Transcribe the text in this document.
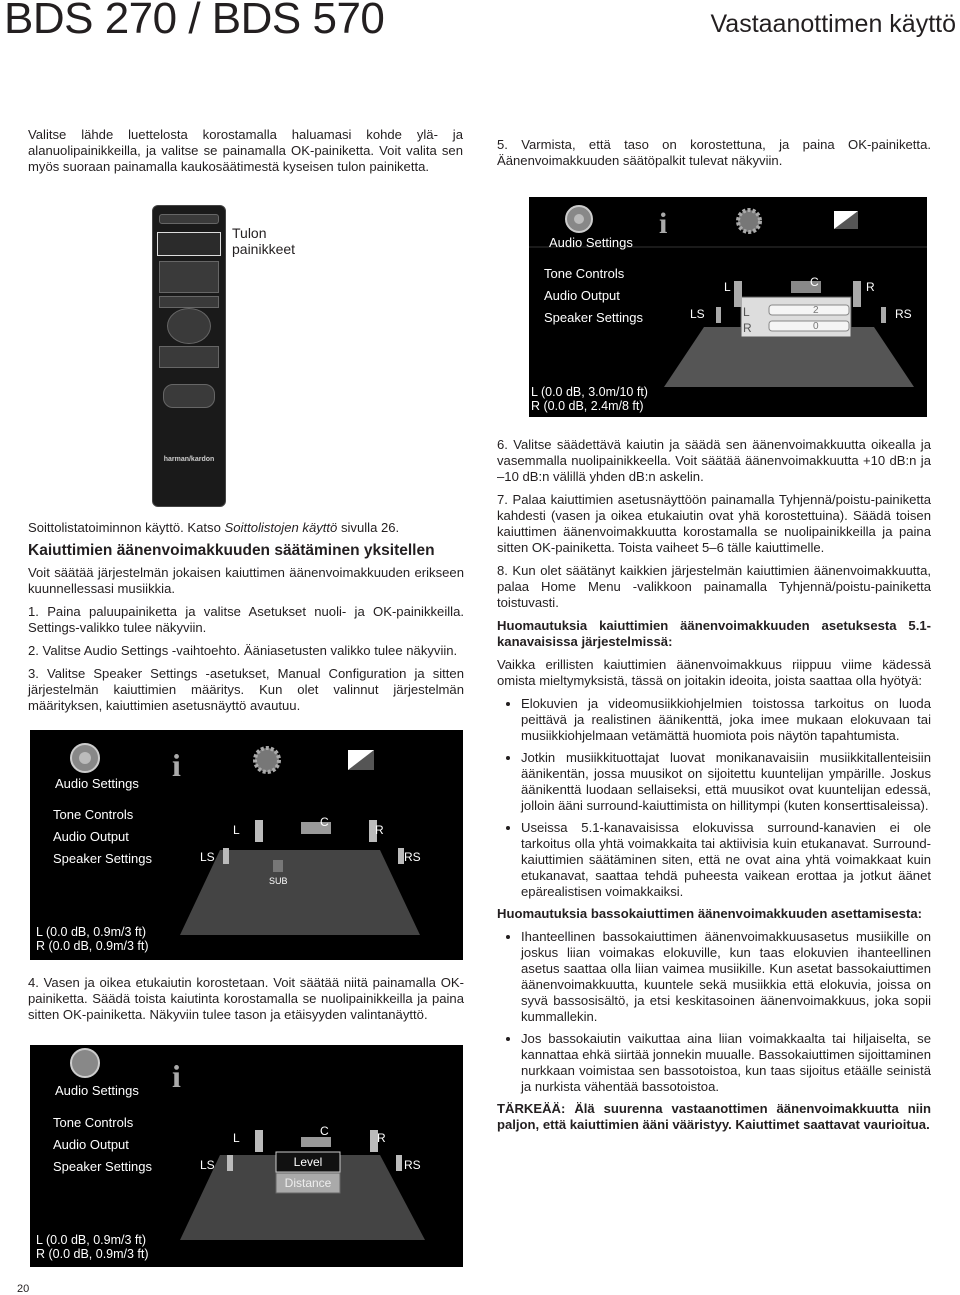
BDS 270 / BDS 570	Vastaanottimen käyttö

Valitse lähde luettelosta korostamalla haluamasi kohde ylä- ja alanuolipainikkeilla, ja valitse se painamalla OK-painiketta. Voit valita sen myös suoraan painamalla kaukosäätimestä kyseisen tulon painiketta.

5. Varmista, että taso on korostettuna, ja paina OK-painiketta. Äänenvoimakkuuden säätöpalkit tulevat näkyviin.

harman/kardon
Tulon
painikkeet
i
Audio Settings
Tone Controls
Audio Output
Speaker Settings
L	C	R
LS	RS
L
R
2
0
L (0.0 dB, 3.0m/10 ft)
R (0.0 dB, 2.4m/8 ft)

Soittolistatoiminnon käyttö. Katso Soittolistojen käyttö sivulla 26.

Kaiuttimien äänenvoimakkuuden säätäminen yksitellen

Voit säätää järjestelmän jokaisen kaiuttimen äänenvoimakkuuden erikseen kuunnellessasi musiikkia.

1. Paina paluupainiketta ja valitse Asetukset nuoli- ja OK-painikkeilla. Settings-valikko tulee näkyviin.

2. Valitse Audio Settings -vaihtoehto. Ääniasetusten valikko tulee näkyviin.

3. Valitse Speaker Settings -asetukset, Manual Configuration ja sitten järjestelmän kaiuttimien määritys. Kun olet valinnut järjestelmän määrityksen, kaiuttimien asetusnäyttö avautuu.

i
Audio Settings
Tone Controls
Audio Output
Speaker Settings
L
C
R
LS	RS
SUB
L (0.0 dB, 0.9m/3 ft)
R (0.0 dB, 0.9m/3 ft)

4. Vasen ja oikea etukaiutin korostetaan. Voit säätää niitä painamalla OK-painiketta. Säädä toista kaiutinta korostamalla se nuolipainikkeilla ja paina sitten OK-painiketta. Näkyviin tulee tason ja etäisyyden valintanäyttö.

i
Audio Settings
Tone Controls
Audio Output
Speaker Settings
L	C	R
LS	RS
Level
Distance
L (0.0 dB, 0.9m/3 ft)
R (0.0 dB, 0.9m/3 ft)

6. Valitse säädettävä kaiutin ja säädä sen äänenvoimakkuutta oikealla ja vasemmalla nuolipainikkeella. Voit säätää äänenvoimakkuutta +10 dB:n ja –10 dB:n välillä yhden dB:n askelin.

7. Palaa kaiuttimien asetusnäyttöön painamalla Tyhjennä/poistu-painiketta kahdesti (vasen ja oikea etukaiutin ovat yhä korostettuina). Säädä toisen kaiuttimen äänenvoimakkuutta korostamalla se nuolipainikkeilla ja paina sitten OK-painiketta. Toista vaiheet 5–6 tälle kaiuttimelle.

8. Kun olet säätänyt kaikkien järjestelmän kaiuttimien äänenvoimakkuutta, palaa Home Menu -valikkoon painamalla Tyhjennä/poistu-painiketta toistuvasti.

Huomautuksia kaiuttimien äänenvoimakkuuden asetuksesta 5.1-kanavaisissa järjestelmissä:

Vaikka erillisten kaiuttimien äänenvoimakkuus riippuu viime kädessä omista mieltymyksistä, tässä on joitakin ideoita, joista saattaa olla hyötyä:

• Elokuvien ja videomusiikkiohjelmien toistossa tarkoitus on luoda peittävä ja realistinen äänikenttä, joka imee mukaan elokuvaan tai musiikkiohjelmaan vetämättä huomiota pois näytön tapahtumista.
• Jotkin musiikkituottajat luovat monikanavaisiin musiikkitallenteisiin äänikentän, jossa muusikot on sijoitettu kuuntelijan ympärille. Joskus äänikenttä luodaan sellaiseksi, että muusikot ovat kuuntelijan edessä, jolloin ääni surround-kaiuttimista on hillitympi (kuten konserttisaleissa).
• Useissa 5.1-kanavaisissa elokuvissa surround-kanavien ei ole tarkoitus olla yhtä voimakkaita tai aktiivisia kuin etukanavat. Surround-kaiuttimien säätäminen siten, että ne ovat aina yhtä voimakkaat kuin etukanavat, saattaa tehdä puheesta vaikean erottaa ja jotkut äänet epärealistisen voimakkaiksi.

Huomautuksia bassokaiuttimen äänenvoimakkuuden asettamisesta:

• Ihanteellinen bassokaiuttimen äänenvoimakkuusasetus musiikille on joskus liian voimakas elokuville, kun taas elokuvien ihanteellinen asetus saattaa olla liian vaimea musiikille. Kun asetat bassokaiuttimen äänenvoimakkuutta, kuuntele sekä musiikkia että elokuvia, joissa on syvä bassosisältö, ja etsi keskitasoinen äänenvoimakkuus, joka sopii kummallekin.
• Jos bassokaiutin vaikuttaa aina liian voimakkaalta tai hiljaiselta, se kannattaa ehkä siirtää jonnekin muualle. Bassokaiuttimen sijoittaminen nurkkaan voimistaa sen bassotoistoa, kun taas sijoitus etäälle seinistä ja nurkista vähentää bassotoistoa.

TÄRKEÄÄ: Älä suurenna vastaanottimen äänenvoimakkuutta niin paljon, että kaiuttimien ääni vääristyy. Kaiuttimet saattavat vaurioitua.

20
